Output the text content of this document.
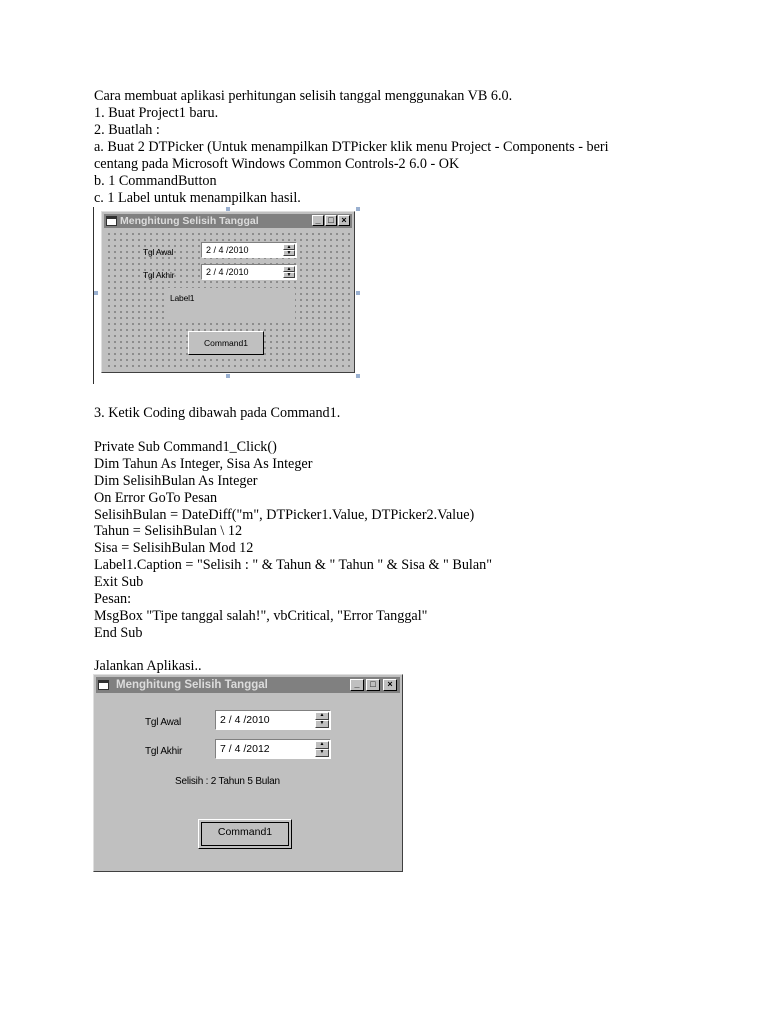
Cara membuat aplikasi perhitungan selisih tanggal menggunakan VB 6.0.
1. Buat Project1 baru.
2. Buatlah :
a. Buat 2 DTPicker (Untuk menampilkan DTPicker klik menu Project - Components - beri
centang pada Microsoft Windows Common Controls-2 6.0 - OK
b. 1 CommandButton
c. 1 Label untuk menampilkan hasil.
Menghitung Selisih Tanggal	_ □ ×
Tgl Awal	2 / 4 /2010	▲
▼
Tgl Akhir	2 / 4 /2010	▲
▼
Label1
Command1
3. Ketik Coding dibawah pada Command1.
Private Sub Command1_Click()
Dim Tahun As Integer, Sisa As Integer
Dim SelisihBulan As Integer
On Error GoTo Pesan
SelisihBulan = DateDiff("m", DTPicker1.Value, DTPicker2.Value)
Tahun = SelisihBulan \ 12
Sisa = SelisihBulan Mod 12
Label1.Caption = "Selisih : " & Tahun & " Tahun " & Sisa & " Bulan"
Exit Sub
Pesan:
MsgBox "Tipe tanggal salah!", vbCritical, "Error Tanggal"
End Sub
Jalankan Aplikasi..
Menghitung Selisih Tanggal	_	□	×
Tgl Awal	2 / 4 /2010	▲
▼
Tgl Akhir	7 / 4 /2012	▲
▼
Selisih : 2 Tahun 5 Bulan
Command1
